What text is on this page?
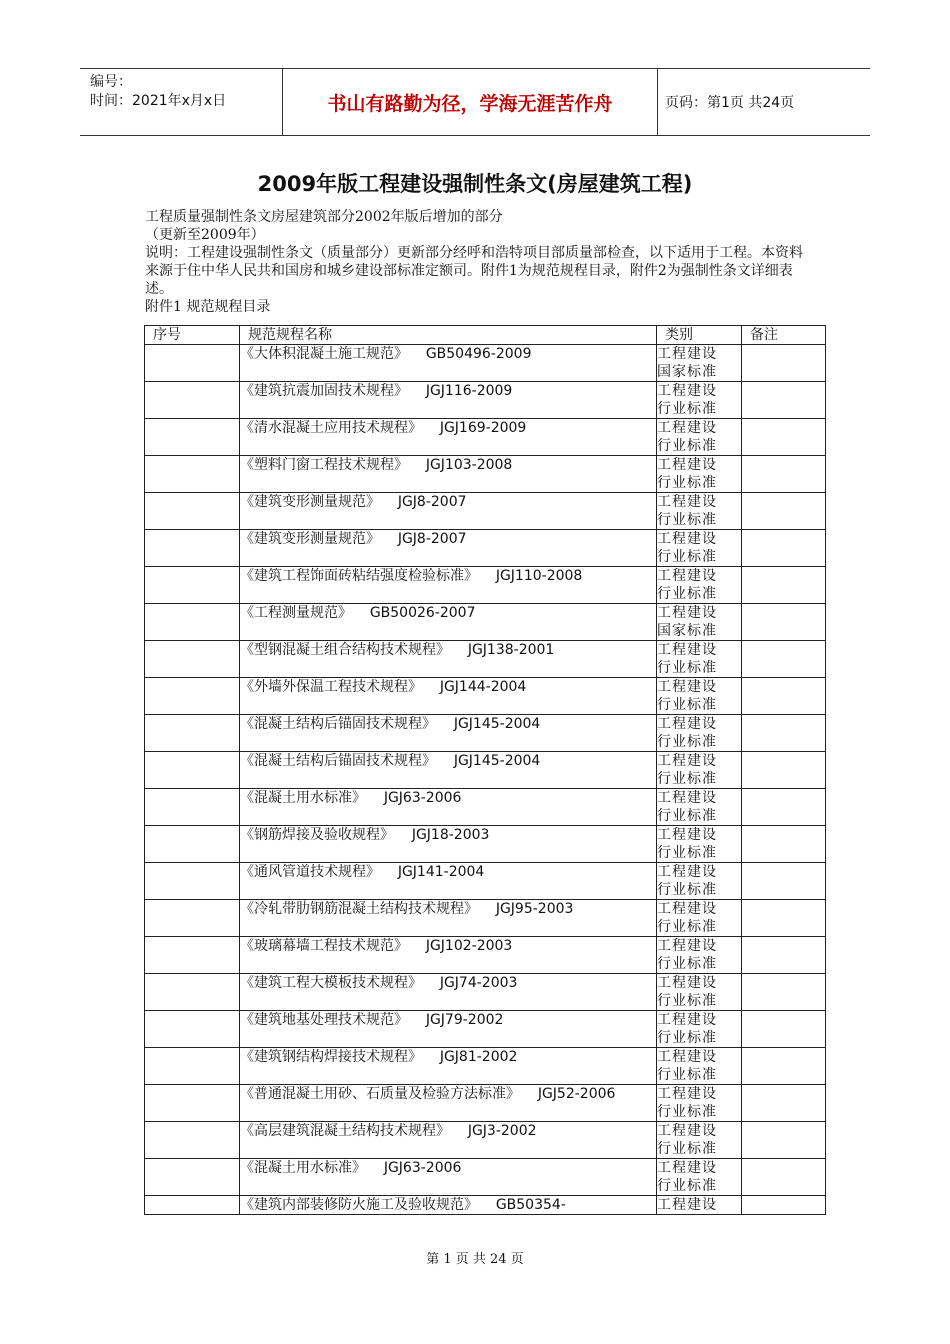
编号：
时间：2021年x月x日	书山有路勤为径，学海无涯苦作舟	页码：第1页 共24页
2009年版工程建设强制性条文(房屋建筑工程)

工程质量强制性条文房屋建筑部分2002年版后增加的部分

（更新至2009年）

说明：工程建设强制性条文（质量部分）更新部分经呼和浩特项目部质量部检查，以下适用于工程。本资料来源于住中华人民共和国房和城乡建设部标准定额司。附件1为规范规程目录，附件2为强制性条文详细表述。

附件1 规范规程目录

序号	规范规程名称	类别	备注
	《大体积混凝土施工规范》 GB50496-2009	工程建设
国家标准	

	《建筑抗震加固技术规程》 JGJ116-2009	工程建设
行业标准	

	《清水混凝土应用技术规程》 JGJ169-2009	工程建设
行业标准	

	《塑料门窗工程技术规程》 JGJ103-2008	工程建设
行业标准	

	《建筑变形测量规范》 JGJ8-2007	工程建设
行业标准	

	《建筑变形测量规范》 JGJ8-2007	工程建设
行业标准	

	《建筑工程饰面砖粘结强度检验标准》 JGJ110-2008	工程建设
行业标准	

	《工程测量规范》 GB50026-2007	工程建设
国家标准	

	《型钢混凝土组合结构技术规程》 JGJ138-2001	工程建设
行业标准	

	《外墙外保温工程技术规程》 JGJ144-2004	工程建设
行业标准	

	《混凝土结构后锚固技术规程》 JGJ145-2004	工程建设
行业标准	

	《混凝土结构后锚固技术规程》 JGJ145-2004	工程建设
行业标准	

	《混凝土用水标准》 JGJ63-2006	工程建设
行业标准	

	《钢筋焊接及验收规程》 JGJ18-2003	工程建设
行业标准	

	《通风管道技术规程》 JGJ141-2004	工程建设
行业标准	

	《冷轧带肋钢筋混凝土结构技术规程》 JGJ95-2003	工程建设
行业标准	

	《玻璃幕墙工程技术规范》 JGJ102-2003	工程建设
行业标准	

	《建筑工程大模板技术规程》 JGJ74-2003	工程建设
行业标准	

	《建筑地基处理技术规范》 JGJ79-2002	工程建设
行业标准	

	《建筑钢结构焊接技术规程》 JGJ81-2002	工程建设
行业标准	

	《普通混凝土用砂、石质量及检验方法标准》 JGJ52-2006	工程建设
行业标准	

	《高层建筑混凝土结构技术规程》 JGJ3-2002	工程建设
行业标准	

	《混凝土用水标准》 JGJ63-2006	工程建设
行业标准	

	《建筑内部装修防火施工及验收规范》 GB50354-	工程建设	

第 1 页 共 24 页
